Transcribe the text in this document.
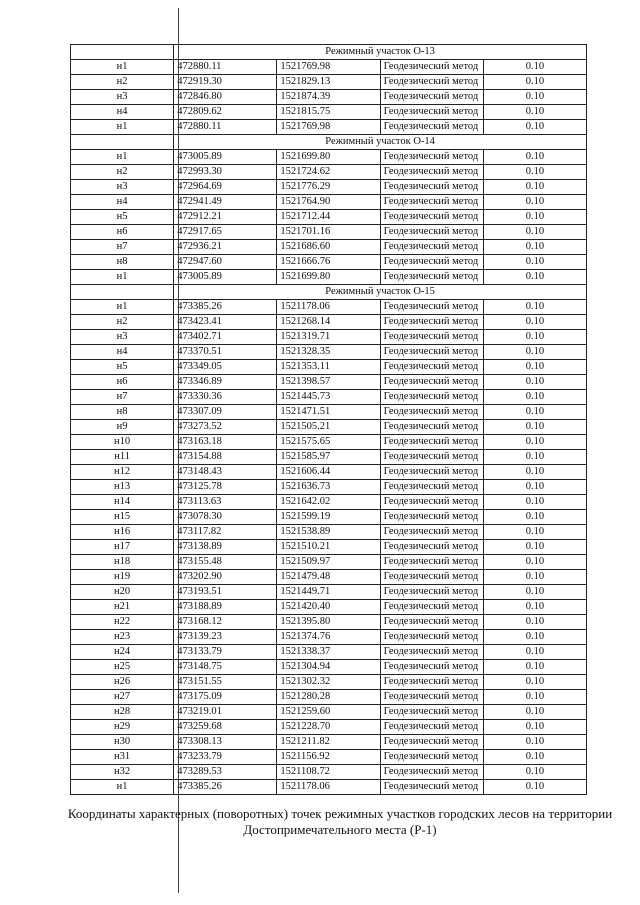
	Режимный участок О-13			
н1	472880.11	1521769.98	Геодезический метод	0.10
н2	472919.30	1521829.13	Геодезический метод	0.10
н3	472846.80	1521874.39	Геодезический метод	0.10
н4	472809.62	1521815.75	Геодезический метод	0.10
н1	472880.11	1521769.98	Геодезический метод	0.10
	Режимный участок О-14			
н1	473005.89	1521699.80	Геодезический метод	0.10
н2	472993.30	1521724.62	Геодезический метод	0.10
н3	472964.69	1521776.29	Геодезический метод	0.10
н4	472941.49	1521764.90	Геодезический метод	0.10
н5	472912.21	1521712.44	Геодезический метод	0.10
н6	472917.65	1521701.16	Геодезический метод	0.10
н7	472936.21	1521686.60	Геодезический метод	0.10
н8	472947.60	1521666.76	Геодезический метод	0.10
н1	473005.89	1521699.80	Геодезический метод	0.10
	Режимный участок О-15			
н1	473385.26	1521178.06	Геодезический метод	0.10
н2	473423.41	1521268.14	Геодезический метод	0.10
н3	473402.71	1521319.71	Геодезический метод	0.10
н4	473370.51	1521328.35	Геодезический метод	0.10
н5	473349.05	1521353.11	Геодезический метод	0.10
н6	473346.89	1521398.57	Геодезический метод	0.10
н7	473330.36	1521445.73	Геодезический метод	0.10
н8	473307.09	1521471.51	Геодезический метод	0.10
н9	473273.52	1521505.21	Геодезический метод	0.10
н10	473163.18	1521575.65	Геодезический метод	0.10
н11	473154.88	1521585.97	Геодезический метод	0.10
н12	473148.43	1521606.44	Геодезический метод	0.10
н13	473125.78	1521636.73	Геодезический метод	0.10
н14	473113.63	1521642.02	Геодезический метод	0.10
н15	473078.30	1521599.19	Геодезический метод	0.10
н16	473117.82	1521538.89	Геодезический метод	0.10
н17	473138.89	1521510.21	Геодезический метод	0.10
н18	473155.48	1521509.97	Геодезический метод	0.10
н19	473202.90	1521479.48	Геодезический метод	0.10
н20	473193.51	1521449.71	Геодезический метод	0.10
н21	473188.89	1521420.40	Геодезический метод	0.10
н22	473168.12	1521395.80	Геодезический метод	0.10
н23	473139.23	1521374.76	Геодезический метод	0.10
н24	473133.79	1521338.37	Геодезический метод	0.10
н25	473148.75	1521304.94	Геодезический метод	0.10
н26	473151.55	1521302.32	Геодезический метод	0.10
н27	473175.09	1521280.28	Геодезический метод	0.10
н28	473219.01	1521259.60	Геодезический метод	0.10
н29	473259.68	1521228.70	Геодезический метод	0.10
н30	473308.13	1521211.82	Геодезический метод	0.10
н31	473233.79	1521156.92	Геодезический метод	0.10
н32	473289.53	1521108.72	Геодезический метод	0.10
н1	473385.26	1521178.06	Геодезический метод	0.10
Координаты характерных (поворотных) точек режимных участков городских лесов на территории Достопримечательного места (Р-1)
